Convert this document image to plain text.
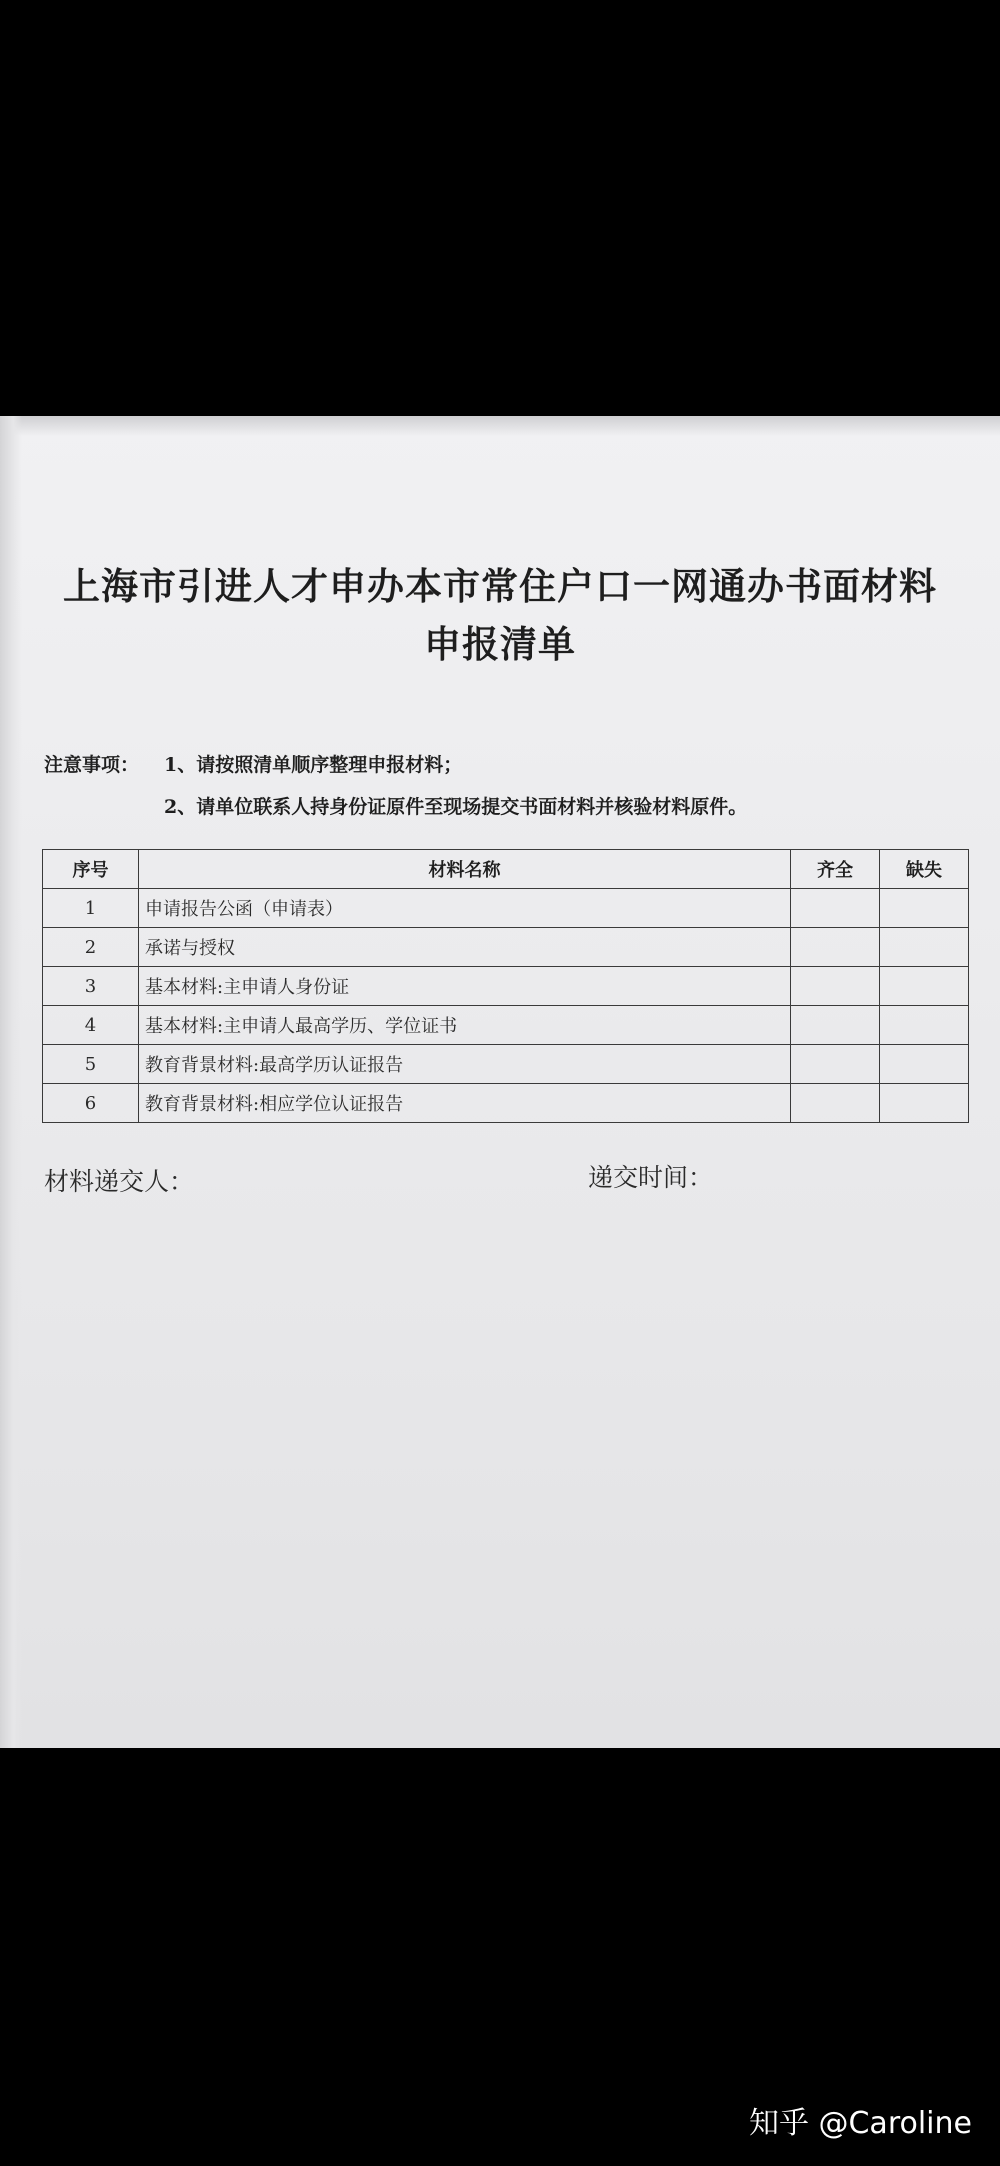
上海市引进人才申办本市常住户口一网通办书面材料
申报清单
注意事项： 1、请按照清单顺序整理申报材料；
2、请单位联系人持身份证原件至现场提交书面材料并核验材料原件。
序号	材料名称	齐全	缺失
1	申请报告公函（申请表）		
2	承诺与授权		
3	基本材料:主申请人身份证		
4	基本材料:主申请人最高学历、学位证书		
5	教育背景材料:最高学历认证报告		
6	教育背景材料:相应学位认证报告		
材料递交人：	递交时间：
知乎 @Caroline
